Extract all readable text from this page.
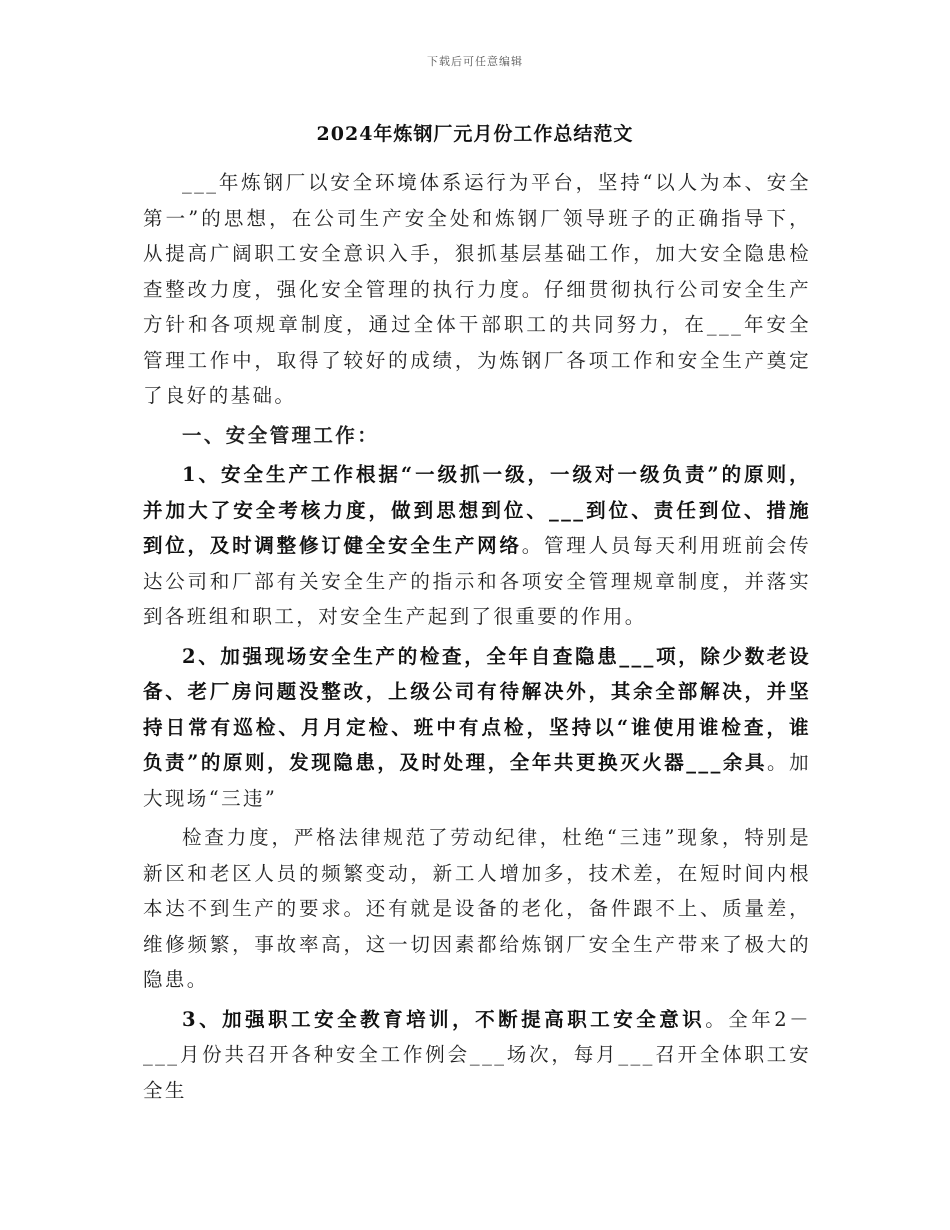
下载后可任意编辑
2024年炼钢厂元月份工作总结范文

___年炼钢厂以安全环境体系运行为平台，坚持“以人为本、安全第一”的思想，在公司生产安全处和炼钢厂领导班子的正确指导下，从提高广阔职工安全意识入手，狠抓基层基础工作，加大安全隐患检查整改力度，强化安全管理的执行力度。仔细贯彻执行公司安全生产方针和各项规章制度，通过全体干部职工的共同努力，在___年安全管理工作中，取得了较好的成绩，为炼钢厂各项工作和安全生产奠定了良好的基础。

一、安全管理工作：

1、安全生产工作根据“一级抓一级，一级对一级负责”的原则，并加大了安全考核力度，做到思想到位、___到位、责任到位、措施到位，及时调整修订健全安全生产网络。管理人员每天利用班前会传达公司和厂部有关安全生产的指示和各项安全管理规章制度，并落实到各班组和职工，对安全生产起到了很重要的作用。

2、加强现场安全生产的检查，全年自查隐患___项，除少数老设备、老厂房问题没整改，上级公司有待解决外，其余全部解决，并坚持日常有巡检、月月定检、班中有点检，坚持以“谁使用谁检查，谁负责”的原则，发现隐患，及时处理，全年共更换灭火器___余具。加大现场“三违”

检查力度，严格法律规范了劳动纪律，杜绝“三违”现象，特别是新区和老区人员的频繁变动，新工人增加多，技术差，在短时间内根本达不到生产的要求。还有就是设备的老化，备件跟不上、质量差，维修频繁，事故率高，这一切因素都给炼钢厂安全生产带来了极大的隐患。

3、加强职工安全教育培训，不断提高职工安全意识。全年2－___月份共召开各种安全工作例会___场次，每月___召开全体职工安全生
